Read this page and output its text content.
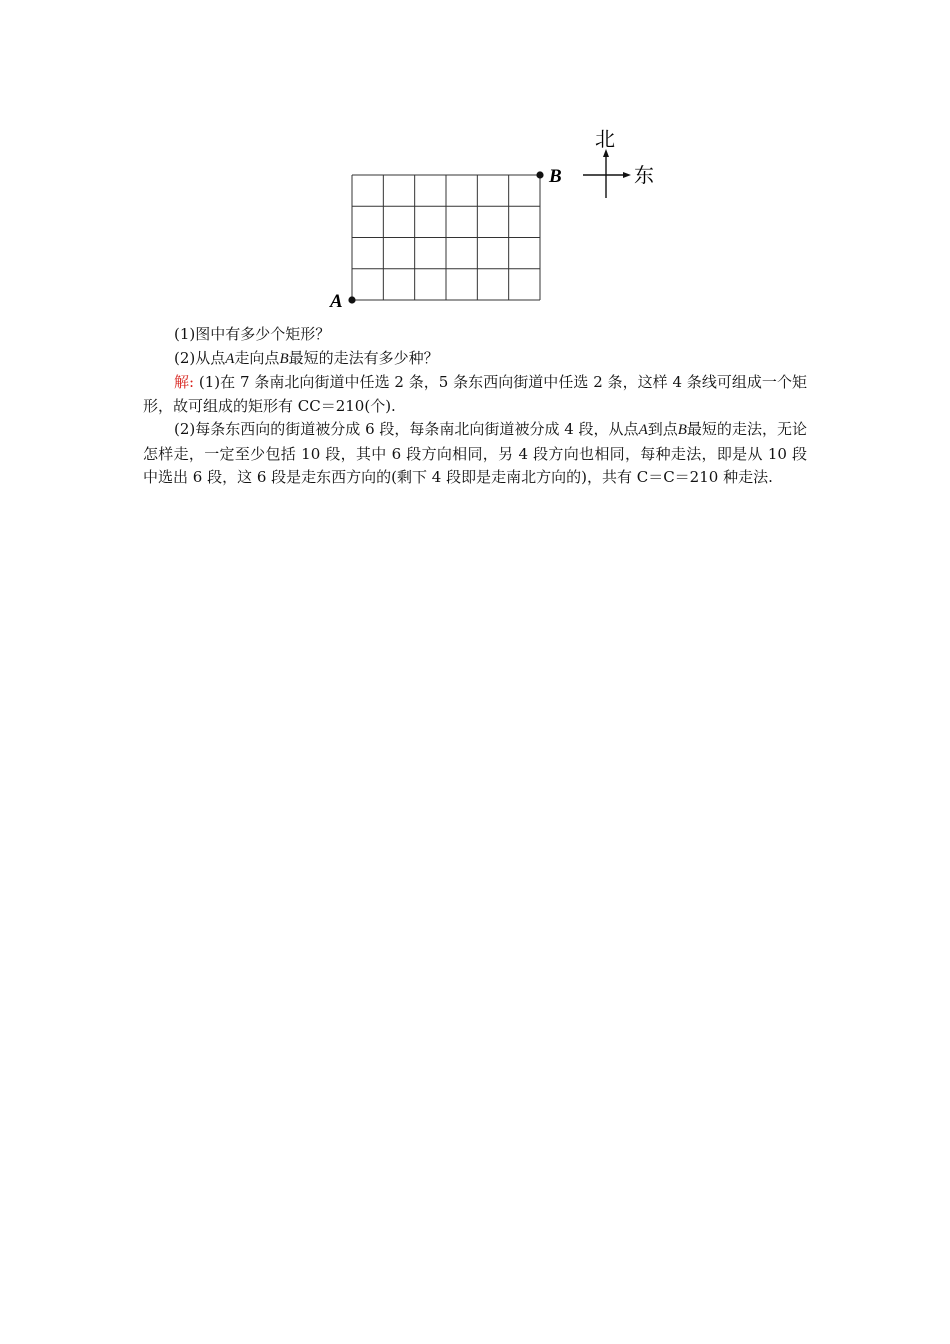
A
B
北
东

(1)图中有多少个矩形？

(2)从点A走向点B最短的走法有多少种？

解: (1)在 7 条南北向街道中任选 2 条，5 条东西向街道中任选 2 条，这样 4 条线可组成一个矩形，故可组成的矩形有 CC＝210(个).

(2)每条东西向的街道被分成 6 段，每条南北向街道被分成 4 段，从点A到点B最短的走法，无论怎样走，一定至少包括 10 段，其中 6 段方向相同，另 4 段方向也相同，每种走法，即是从 10 段中选出 6 段，这 6 段是走东西方向的(剩下 4 段即是走南北方向的)，共有 C＝C＝210 种走法.
